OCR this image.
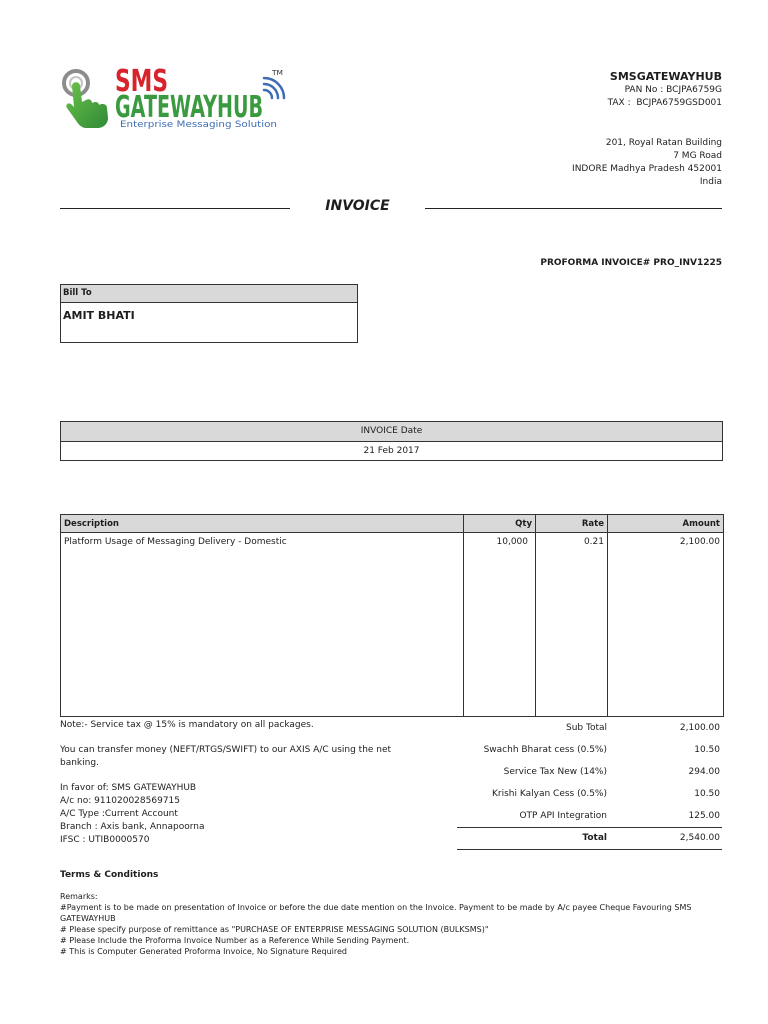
SMS
GATEWAYHUB
TM
Enterprise Messaging Solution
SMSGATEWAYHUB
PAN No : BCJPA6759G
TAX :  BCJPA6759GSD001
201, Royal Ratan Building
7 MG Road
INDORE Madhya Pradesh 452001
India
INVOICE
PROFORMA INVOICE# PRO_INV1225
Bill To
AMIT BHATI
INVOICE Date
21 Feb 2017
Description	Qty	Rate	Amount
Platform Usage of Messaging Delivery - Domestic	10,000	0.21	2,100.00

Note:- Service tax @ 15% is mandatory on all packages.
You can transfer money (NEFT/RTGS/SWIFT) to our AXIS A/C using the net
banking.
In favor of: SMS GATEWAYHUB
A/c no: 911020028569715
A/C Type :Current Account
Branch : Axis bank, Annapoorna
IFSC : UTIB0000570
Sub Total	2,100.00
Swachh Bharat cess (0.5%)	10.50
Service Tax New (14%)	294.00
Krishi Kalyan Cess (0.5%)	10.50
OTP API Integration	125.00
Total	2,540.00
Terms & Conditions
Remarks:
#Payment is to be made on presentation of Invoice or before the due date mention on the Invoice. Payment to be made by A/c payee Cheque Favouring SMS
GATEWAYHUB
# Please specify purpose of remittance as "PURCHASE OF ENTERPRISE MESSAGING SOLUTION (BULKSMS)"
# Please Include the Proforma Invoice Number as a Reference While Sending Payment.
# This is Computer Generated Proforma Invoice, No Signature Required
